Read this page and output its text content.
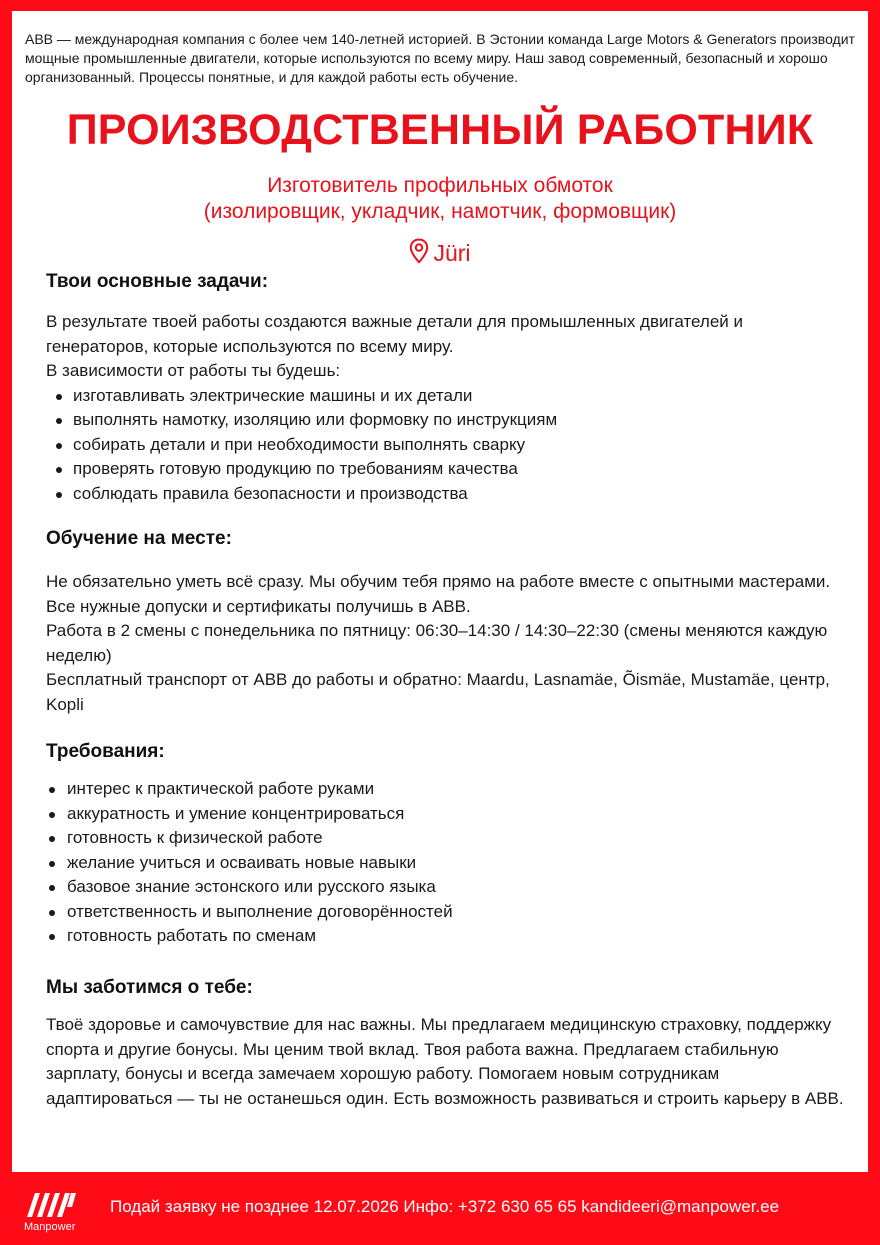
ABB — международная компания с более чем 140-летней историей. В Эстонии команда Large Motors & Generators производит мощные промышленные двигатели, которые используются по всему миру. Наш завод современный, безопасный и хорошо организованный. Процессы понятные, и для каждой работы есть обучение.

ПРОИЗВОДСТВЕННЫЙ РАБОТНИК
Изготовитель профильных обмоток
(изолировщик, укладчик, намотчик, формовщик)
Jüri
Твои основные задачи:

В результате твоей работы создаются важные детали для промышленных двигателей и генераторов, которые используются по всему миру.

В зависимости от работы ты будешь:

изготавливать электрические машины и их детали
выполнять намотку, изоляцию или формовку по инструкциям
собирать детали и при необходимости выполнять сварку
проверять готовую продукцию по требованиям качества
соблюдать правила безопасности и производства
Обучение на месте:

Не обязательно уметь всё сразу. Мы обучим тебя прямо на работе вместе с опытными мастерами. Все нужные допуски и сертификаты получишь в ABB.

Работа в 2 смены с понедельника по пятницу: 06:30–14:30 / 14:30–22:30 (смены меняются каждую неделю)

Бесплатный транспорт от ABB до работы и обратно: Maardu, Lasnamäe, Õismäe, Mustamäe, центр, Kopli

Требования:
интерес к практической работе руками
аккуратность и умение концентрироваться
готовность к физической работе
желание учиться и осваивать новые навыки
базовое знание эстонского или русского языка
ответственность и выполнение договорённостей
готовность работать по сменам
Мы заботимся о тебе:

Твоё здоровье и самочувствие для нас важны. Мы предлагаем медицинскую страховку, поддержку спорта и другие бонусы. Мы ценим твой вклад. Твоя работа важна. Предлагаем стабильную зарплату, бонусы и всегда замечаем хорошую работу. Помогаем новым сотрудникам адаптироваться — ты не останешься один. Есть возможность развиваться и строить карьеру в ABB.

Manpower
Подай заявку не позднее 12.07.2026 Инфо: +372 630 65 65 kandideeri@manpower.ee
